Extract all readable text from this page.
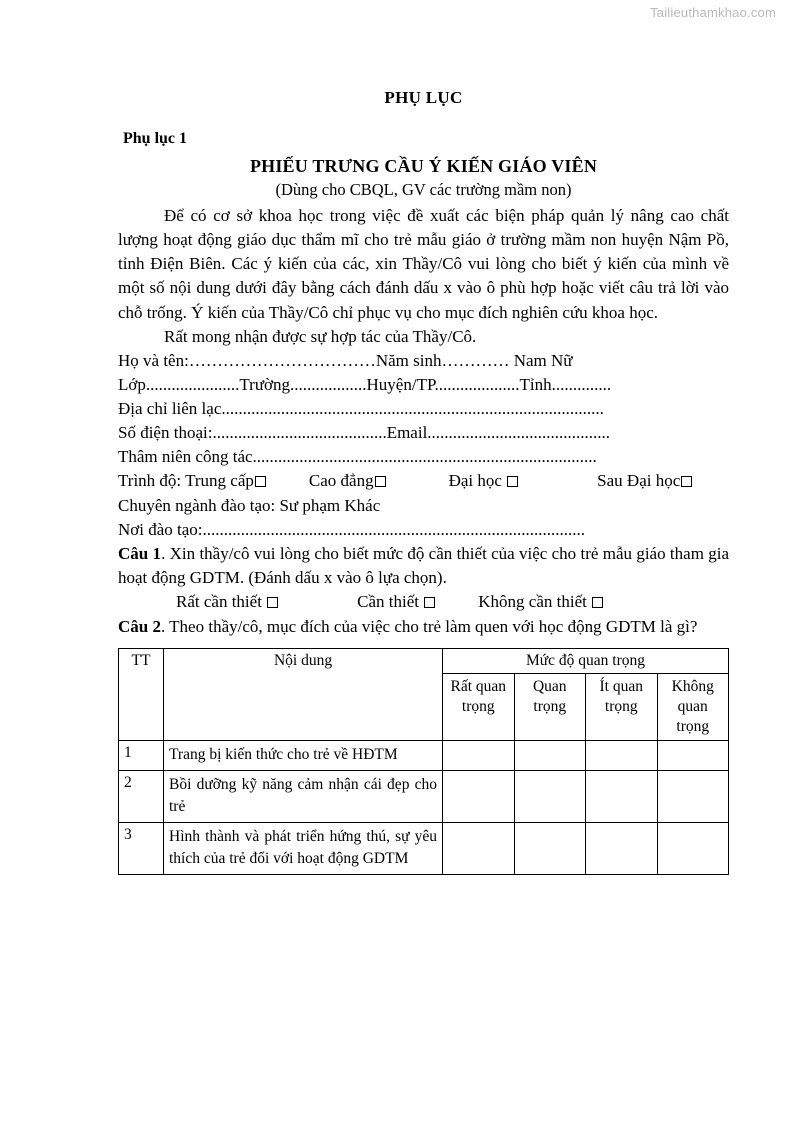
Tailieuthamkhao.com
PHỤ LỤC
Phụ lục 1
PHIẾU TRƯNG CẦU Ý KIẾN GIÁO VIÊN
(Dùng cho CBQL, GV các trường mầm non)

Để có cơ sở khoa học trong việc đề xuất các biện pháp quản lý nâng cao chất lượng hoạt động giáo dục thẩm mĩ cho trẻ mẫu giáo ở trường mầm non huyện Nậm Pồ, tỉnh Điện Biên. Các ý kiến của các, xin Thầy/Cô vui lòng cho biết ý kiến của mình về một số nội dung dưới đây bằng cách đánh dấu x vào ô phù hợp hoặc viết câu trả lời vào chỗ trống. Ý kiến của Thầy/Cô chỉ phục vụ cho mục đích nghiên cứu khoa học.

Rất mong nhận được sự hợp tác của Thầy/Cô.

Họ và tên:……………………………Năm sinh………… Nam Nữ
Lớp......................Trường..................Huyện/TP....................Tỉnh..............
Địa chỉ liên lạc..........................................................................................
Số điện thoại:.........................................Email...........................................
Thâm niên công tác.................................................................................
Trình độ: Trung cấp	Cao đẳng	Đại học	Sau Đại học
Chuyên ngành đào tạo: Sư phạm Khác
Nơi đào tạo:..........................................................................................

Câu 1. Xin thầy/cô vui lòng cho biết mức độ cần thiết của việc cho trẻ mẫu giáo tham gia hoạt động GDTM. (Đánh dấu x vào ô lựa chọn).

Rất cần thiết	Cần thiết	Không cần thiết

Câu 2. Theo thầy/cô, mục đích của việc cho trẻ làm quen với học động GDTM là gì?

TT	Nội dung	Mức độ quan trọng			
		Rất quan trọng	Quan trọng	Ít quan trọng	Không quan trọng
1	Trang bị kiến thức cho trẻ về HĐTM				
2	Bồi dưỡng kỹ năng cảm nhận cái đẹp cho trẻ				
3	Hình thành và phát triển hứng thú, sự yêu thích của trẻ đổi với hoạt động GDTM				
